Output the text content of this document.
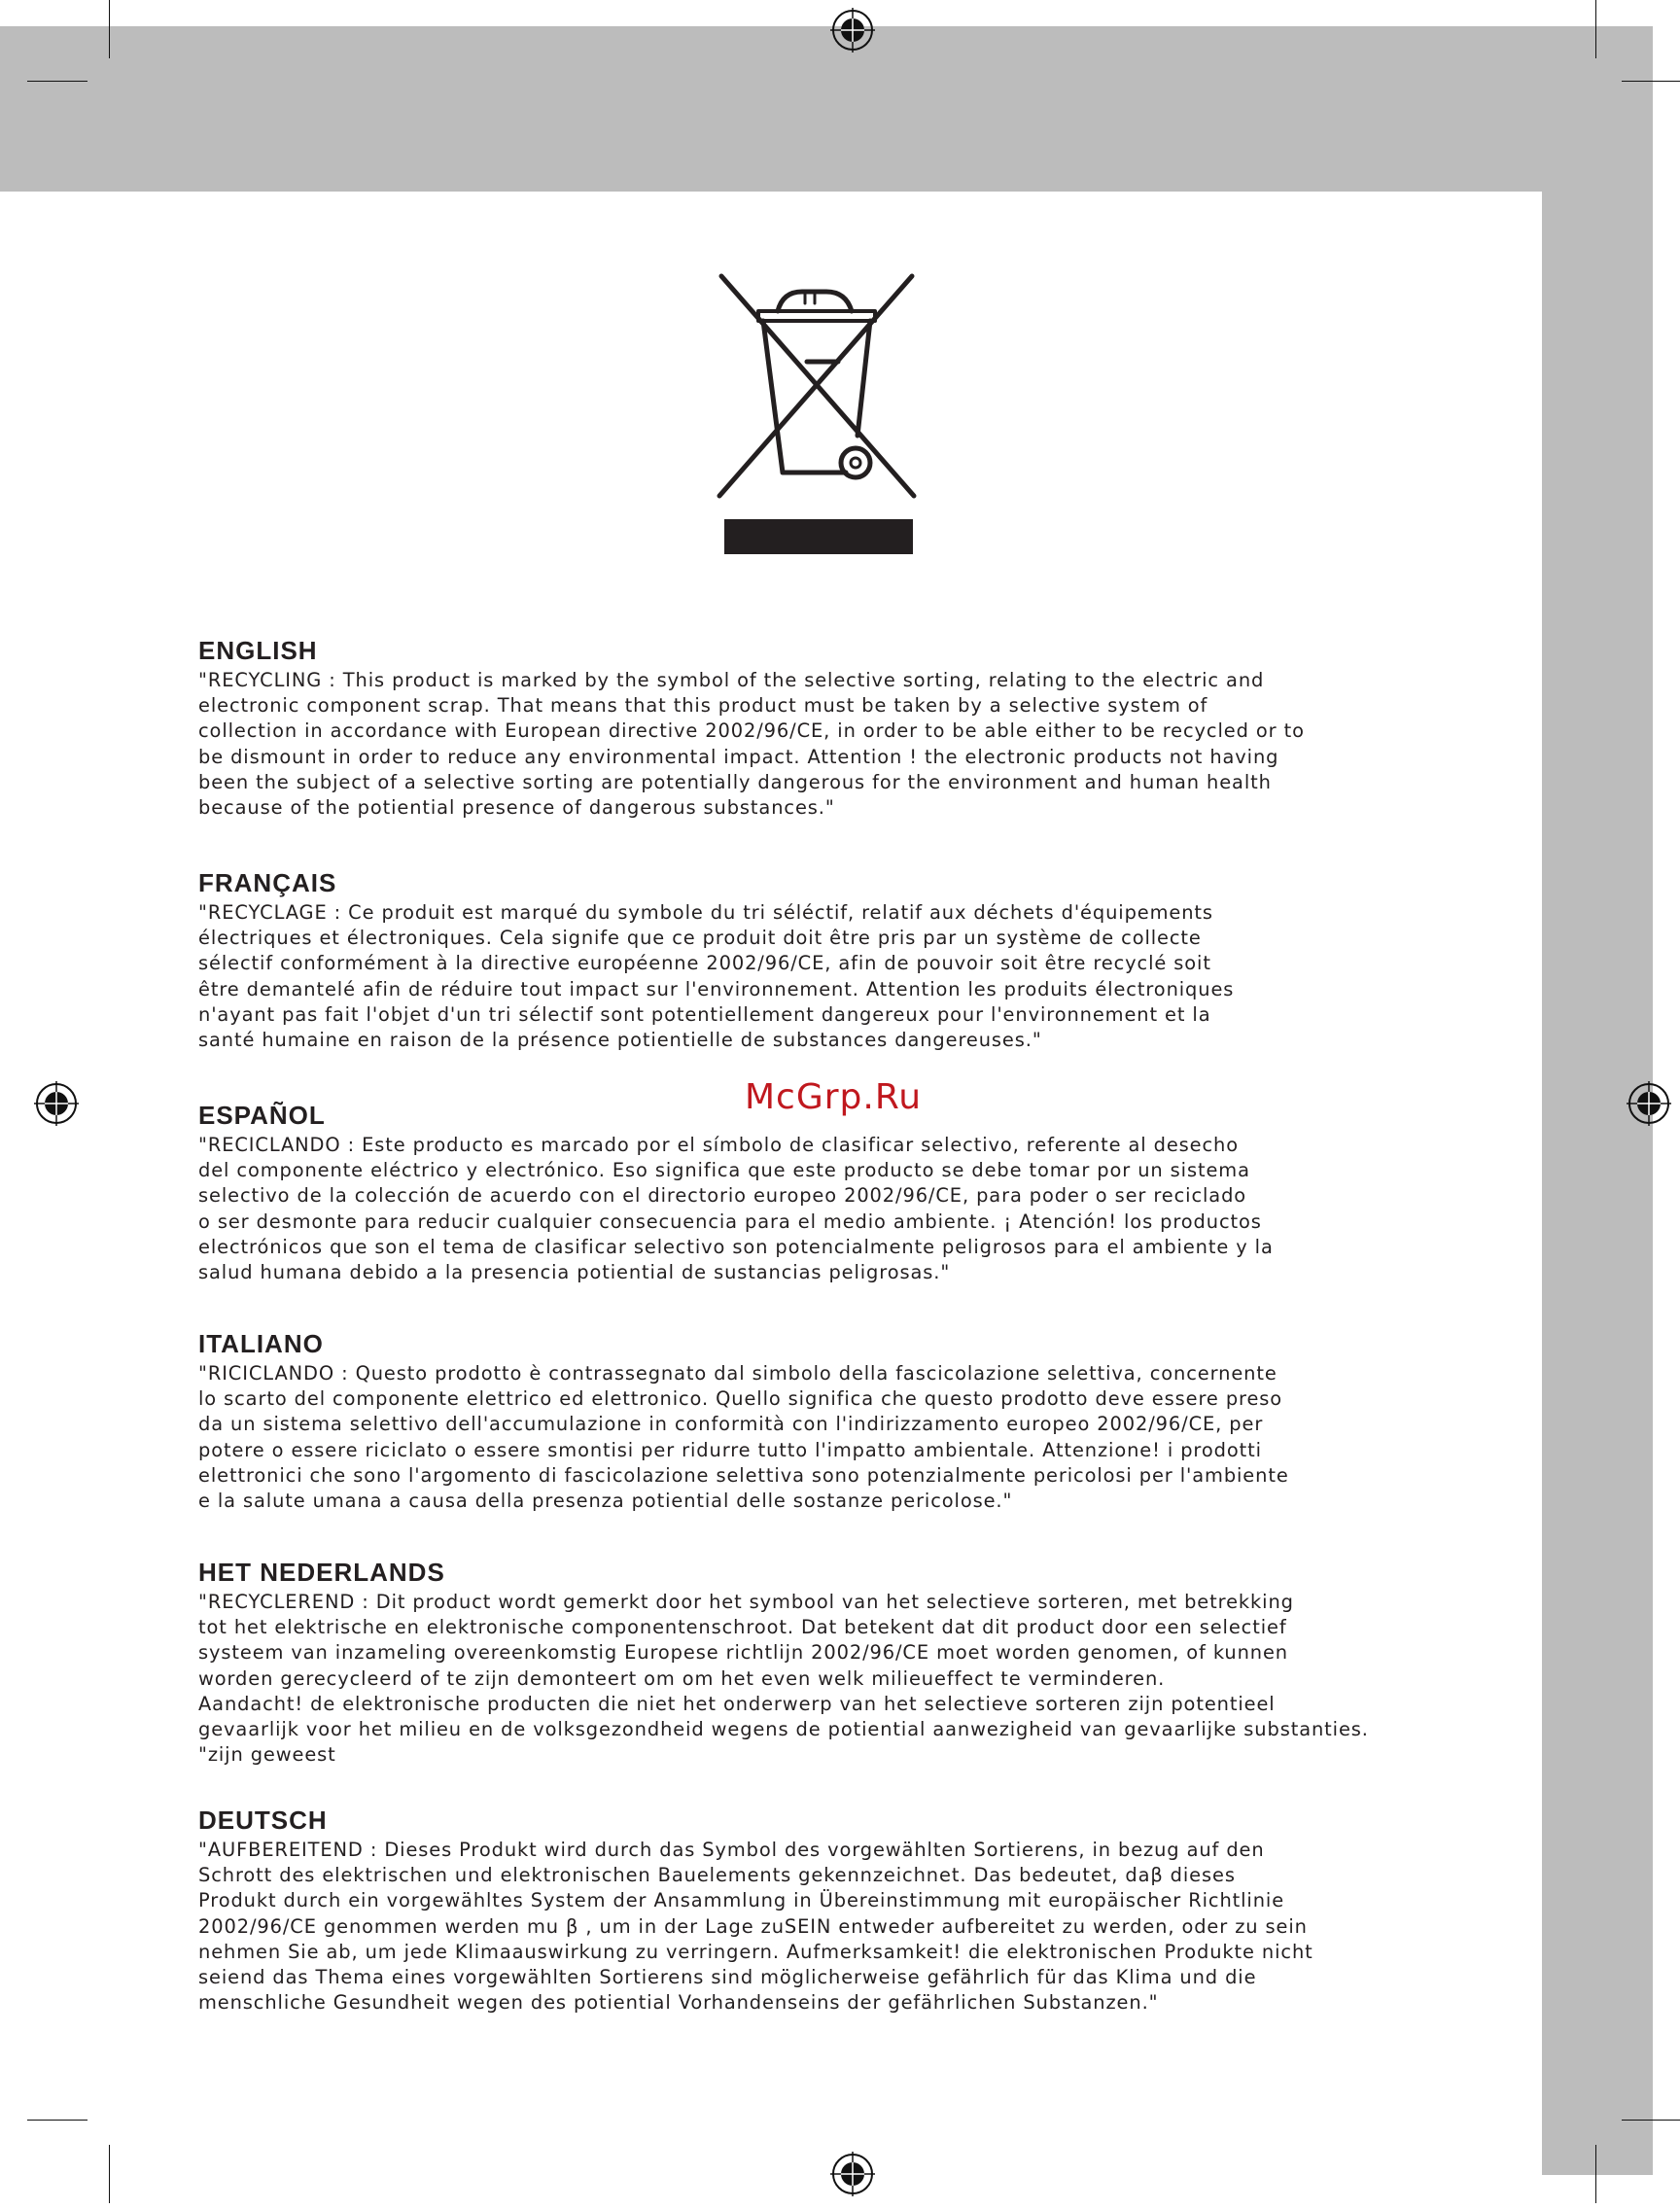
McGrp.Ru
ENGLISH

"RECYCLING : This product is marked by the symbol of the selective sorting, relating to the electric and
electronic component scrap. That means that this product must be taken by a selective system of
collection in accordance with European directive 2002/96/CE, in order to be able either to be recycled or to
be dismount in order to reduce any environmental impact. Attention ! the electronic products not having
been the subject of a selective sorting are potentially dangerous for the environment and human health
because of the potiential presence of dangerous substances."

FRANÇAIS

"RECYCLAGE : Ce produit est marqué du symbole du tri séléctif, relatif aux déchets d'équipements
électriques et électroniques. Cela signife que ce produit doit être pris par un système de collecte
sélectif conformément à la directive européenne 2002/96/CE, afin de pouvoir soit être recyclé soit
être demantelé afin de réduire tout impact sur l'environnement. Attention les produits électroniques
n'ayant pas fait l'objet d'un tri sélectif sont potentiellement dangereux pour l'environnement et la
santé humaine en raison de la présence potientielle de substances dangereuses."

ESPAÑOL

"RECICLANDO : Este producto es marcado por el símbolo de clasificar selectivo, referente al desecho
del componente eléctrico y electrónico. Eso significa que este producto se debe tomar por un sistema
selectivo de la colección de acuerdo con el directorio europeo 2002/96/CE, para poder o ser reciclado
o ser desmonte para reducir cualquier consecuencia para el medio ambiente. ¡ Atención! los productos
electrónicos que son el tema de clasificar selectivo son potencialmente peligrosos para el ambiente y la
salud humana debido a la presencia potiential de sustancias peligrosas."

ITALIANO

"RICICLANDO : Questo prodotto è contrassegnato dal simbolo della fascicolazione selettiva, concernente
lo scarto del componente elettrico ed elettronico. Quello significa che questo prodotto deve essere preso
da un sistema selettivo dell'accumulazione in conformità con l'indirizzamento europeo 2002/96/CE, per
potere o essere riciclato o essere smontisi per ridurre tutto l'impatto ambientale. Attenzione! i prodotti
elettronici che sono l'argomento di fascicolazione selettiva sono potenzialmente pericolosi per l'ambiente
e la salute umana a causa della presenza potiential delle sostanze pericolose."

HET NEDERLANDS

"RECYCLEREND : Dit product wordt gemerkt door het symbool van het selectieve sorteren, met betrekking
tot het elektrische en elektronische componentenschroot. Dat betekent dat dit product door een selectief
systeem van inzameling overeenkomstig Europese richtlijn 2002/96/CE moet worden genomen, of kunnen
worden gerecycleerd of te zijn demonteert om om het even welk milieueffect te verminderen.
Aandacht! de elektronische producten die niet het onderwerp van het selectieve sorteren zijn potentieel
gevaarlijk voor het milieu en de volksgezondheid wegens de potiential aanwezigheid van gevaarlijke substanties.
"zijn geweest

DEUTSCH

"AUFBEREITEND : Dieses Produkt wird durch das Symbol des vorgewählten Sortierens, in bezug auf den
Schrott des elektrischen und elektronischen Bauelements gekennzeichnet. Das bedeutet, daβ dieses
Produkt durch ein vorgewähltes System der Ansammlung in Übereinstimmung mit europäischer Richtlinie
2002/96/CE genommen werden mu β , um in der Lage zuSEIN entweder aufbereitet zu werden, oder zu sein
nehmen Sie ab, um jede Klimaauswirkung zu verringern. Aufmerksamkeit! die elektronischen Produkte nicht
seiend das Thema eines vorgewählten Sortierens sind möglicherweise gefährlich für das Klima und die
menschliche Gesundheit wegen des potiential Vorhandenseins der gefährlichen Substanzen."
